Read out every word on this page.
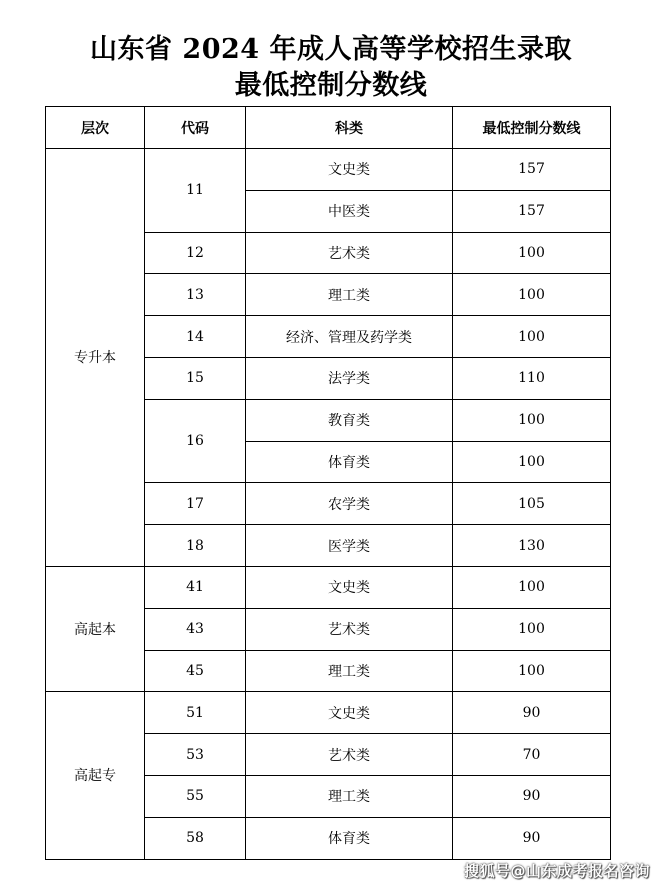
山东省 2024 年成人高等学校招生录取
最低控制分数线
层次	代码	科类	最低控制分数线
专升本	11	文史类	157
		中医类	157
	12	艺术类	100
	13	理工类	100
	14	经济、管理及药学类	100
	15	法学类	110
	16	教育类	100
		体育类	100
	17	农学类	105
	18	医学类	130
高起本	41	文史类	100
	43	艺术类	100
	45	理工类	100
高起专	51	文史类	90
	53	艺术类	70
	55	理工类	90
	58	体育类	90
搜狐号@山东成考报名咨询
